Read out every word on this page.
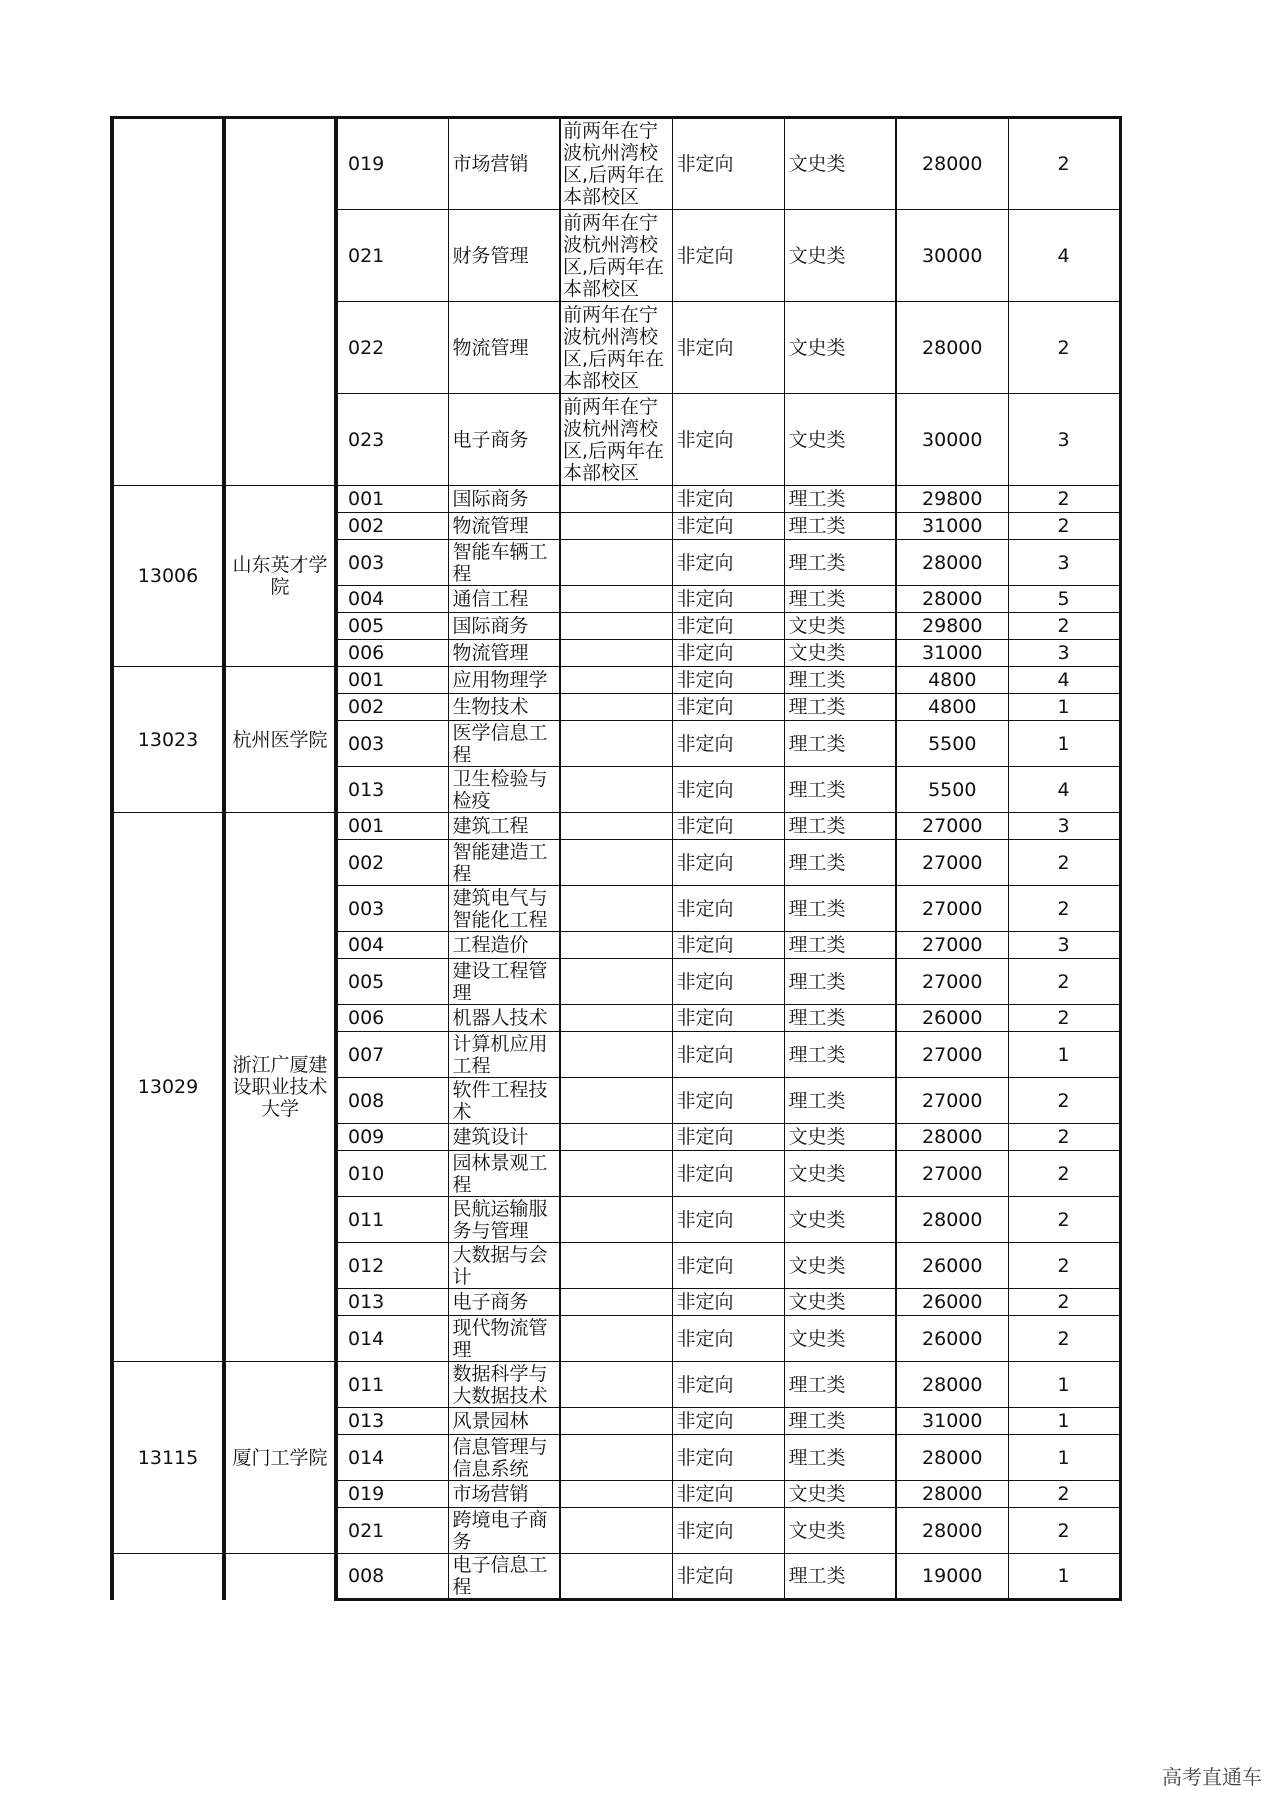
		019	市场营销	前两年在宁波杭州湾校区,后两年在本部校区	非定向	文史类	28000	2
		021	财务管理	前两年在宁波杭州湾校区,后两年在本部校区	非定向	文史类	30000	4
		022	物流管理	前两年在宁波杭州湾校区,后两年在本部校区	非定向	文史类	28000	2
		023	电子商务	前两年在宁波杭州湾校区,后两年在本部校区	非定向	文史类	30000	3
13006	山东英才学院	001	国际商务		非定向	理工类	29800	2
		002	物流管理		非定向	理工类	31000	2
		003	智能车辆工程		非定向	理工类	28000	3
		004	通信工程		非定向	理工类	28000	5
		005	国际商务		非定向	文史类	29800	2
		006	物流管理		非定向	文史类	31000	3
13023	杭州医学院	001	应用物理学		非定向	理工类	4800	4
		002	生物技术		非定向	理工类	4800	1
		003	医学信息工程		非定向	理工类	5500	1
		013	卫生检验与检疫		非定向	理工类	5500	4
13029	浙江广厦建设职业技术大学	001	建筑工程		非定向	理工类	27000	3
		002	智能建造工程		非定向	理工类	27000	2
		003	建筑电气与智能化工程		非定向	理工类	27000	2
		004	工程造价		非定向	理工类	27000	3
		005	建设工程管理		非定向	理工类	27000	2
		006	机器人技术		非定向	理工类	26000	2
		007	计算机应用工程		非定向	理工类	27000	1
		008	软件工程技术		非定向	理工类	27000	2
		009	建筑设计		非定向	文史类	28000	2
		010	园林景观工程		非定向	文史类	27000	2
		011	民航运输服务与管理		非定向	文史类	28000	2
		012	大数据与会计		非定向	文史类	26000	2
		013	电子商务		非定向	文史类	26000	2
		014	现代物流管理		非定向	文史类	26000	2
13115	厦门工学院	011	数据科学与大数据技术		非定向	理工类	28000	1
		013	风景园林		非定向	理工类	31000	1
		014	信息管理与信息系统		非定向	理工类	28000	1
		019	市场营销		非定向	文史类	28000	2
		021	跨境电子商务		非定向	文史类	28000	2
		008	电子信息工程		非定向	理工类	19000	1
高考直通车
